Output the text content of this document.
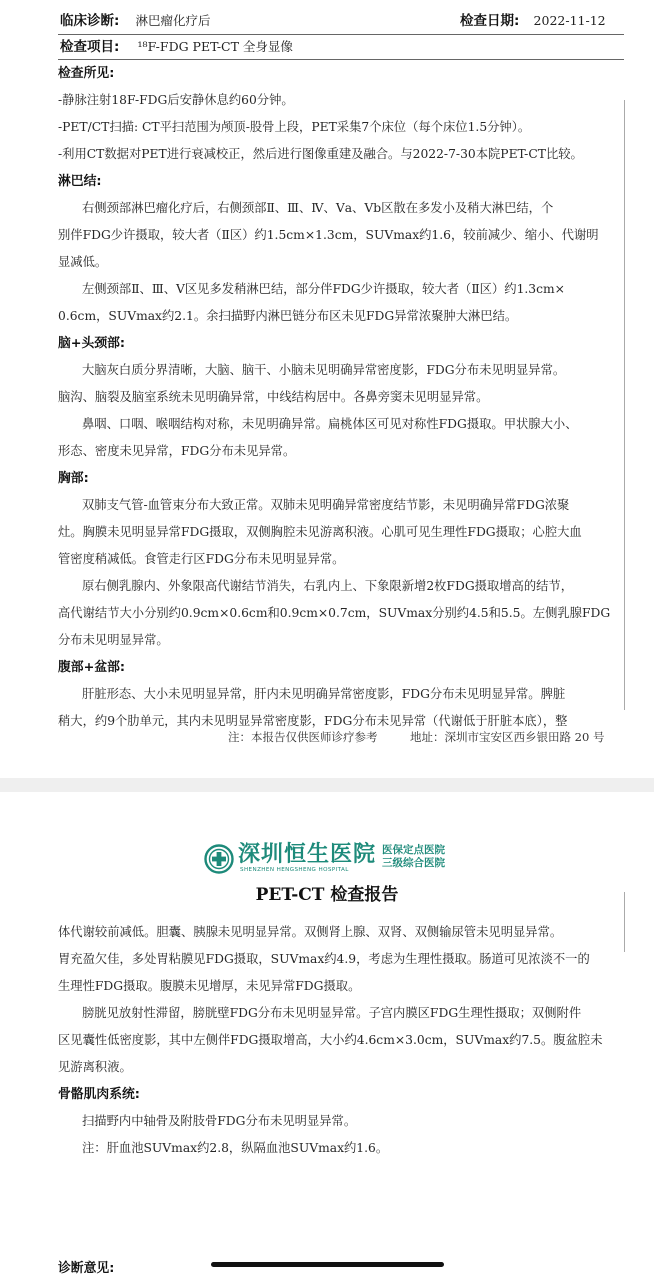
临床诊断: 淋巴瘤化疗后	检查日期: 2022-11-12
检查项目: ¹⁸F-FDG PET-CT 全身显像
检查所见:
-静脉注射18F-FDG后安静休息约60分钟。
-PET/CT扫描: CT平扫范围为颅顶-股骨上段，PET采集7个床位（每个床位1.5分钟）。
-利用CT数据对PET进行衰减校正，然后进行图像重建及融合。与2022-7-30本院PET-CT比较。
淋巴结:
右侧颈部淋巴瘤化疗后，右侧颈部Ⅱ、Ⅲ、Ⅳ、Ⅴa、Ⅴb区散在多发小及稍大淋巴结，个
别伴FDG少许摄取，较大者（Ⅱ区）约1.5cm×1.3cm，SUVmax约1.6，较前减少、缩小、代谢明
显减低。
左侧颈部Ⅱ、Ⅲ、Ⅴ区见多发稍淋巴结，部分伴FDG少许摄取，较大者（Ⅱ区）约1.3cm×
0.6cm，SUVmax约2.1。余扫描野内淋巴链分布区未见FDG异常浓聚肿大淋巴结。
脑+头颈部:
大脑灰白质分界清晰，大脑、脑干、小脑未见明确异常密度影，FDG分布未见明显异常。
脑沟、脑裂及脑室系统未见明确异常，中线结构居中。各鼻旁窦未见明显异常。
鼻咽、口咽、喉咽结构对称，未见明确异常。扁桃体区可见对称性FDG摄取。甲状腺大小、
形态、密度未见异常，FDG分布未见异常。
胸部:
双肺支气管-血管束分布大致正常。双肺未见明确异常密度结节影，未见明确异常FDG浓聚
灶。胸膜未见明显异常FDG摄取，双侧胸腔未见游离积液。心肌可见生理性FDG摄取；心腔大血
管密度稍减低。食管走行区FDG分布未见明显异常。
原右侧乳腺内、外象限高代谢结节消失，右乳内上、下象限新增2枚FDG摄取增高的结节，
高代谢结节大小分别约0.9cm×0.6cm和0.9cm×0.7cm，SUVmax分别约4.5和5.5。左侧乳腺FDG
分布未见明显异常。
腹部+盆部:
肝脏形态、大小未见明显异常，肝内未见明确异常密度影，FDG分布未见明显异常。脾脏
稍大，约9个肋单元，其内未见明显异常密度影，FDG分布未见异常（代谢低于肝脏本底），整
注：本报告仅供医师诊疗参考	地址：深圳市宝安区西乡银田路 20 号
深圳恒生医院
SHENZHEN HENGSHENG HOSPITAL
医保定点医院
三级综合医院
PET-CT 检查报告
体代谢较前减低。胆囊、胰腺未见明显异常。双侧肾上腺、双肾、双侧输尿管未见明显异常。
胃充盈欠佳，多处胃粘膜见FDG摄取，SUVmax约4.9，考虑为生理性摄取。肠道可见浓淡不一的
生理性FDG摄取。腹膜未见增厚，未见异常FDG摄取。
膀胱见放射性滞留，膀胱壁FDG分布未见明显异常。子宫内膜区FDG生理性摄取；双侧附件
区见囊性低密度影，其中左侧伴FDG摄取增高，大小约4.6cm×3.0cm，SUVmax约7.5。腹盆腔未
见游离积液。
骨骼肌肉系统:
扫描野内中轴骨及附肢骨FDG分布未见明显异常。
注：肝血池SUVmax约2.8，纵隔血池SUVmax约1.6。
诊断意见:
